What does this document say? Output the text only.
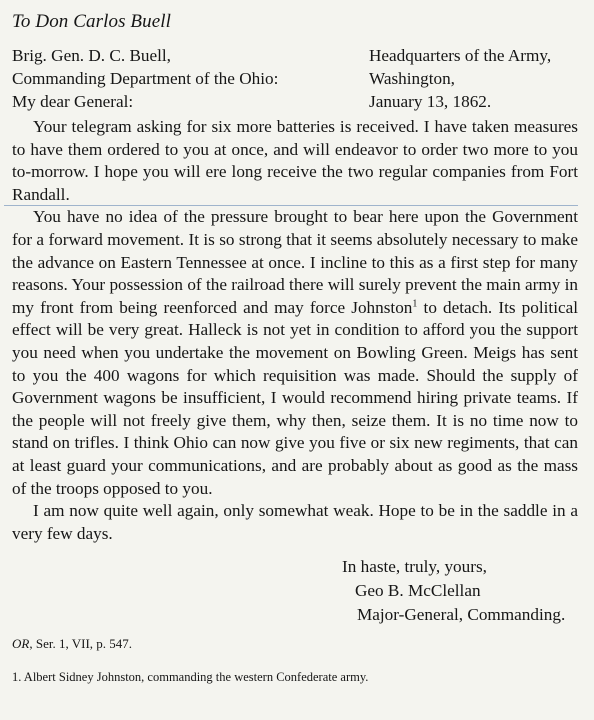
To Don Carlos Buell
Brig. Gen. D. C. Buell,
Commanding Department of the Ohio:
My dear General:
Headquarters of the Army,
Washington,
January 13, 1862.

Your telegram asking for six more batteries is received. I have taken measures to have them ordered to you at once, and will endeavor to order two more to you to-morrow. I hope you will ere long receive the two regular companies from Fort Randall.

You have no idea of the pressure brought to bear here upon the Government for a forward movement. It is so strong that it seems absolutely necessary to make the advance on Eastern Tennessee at once. I incline to this as a first step for many reasons. Your possession of the railroad there will surely prevent the main army in my front from being reenforced and may force Johnston$^1$ to detach. Its political effect will be very great. Halleck is not yet in condition to afford you the support you need when you undertake the movement on Bowling Green. Meigs has sent to you the 400 wagons for which requisition was made. Should the supply of Government wagons be insufficient, I would recommend hiring private teams. If the people will not freely give them, why then, seize them. It is no time now to stand on trifles. I think Ohio can now give you five or six new regiments, that can at least guard your communications, and are probably about as good as the mass of the troops opposed to you.

I am now quite well again, only somewhat weak. Hope to be in the saddle in a very few days.

In haste, truly, yours,
Geo B. McClellan
Major-General, Commanding.
OR, Ser. 1, VII, p. 547.
1. Albert Sidney Johnston, commanding the western Confederate army.
